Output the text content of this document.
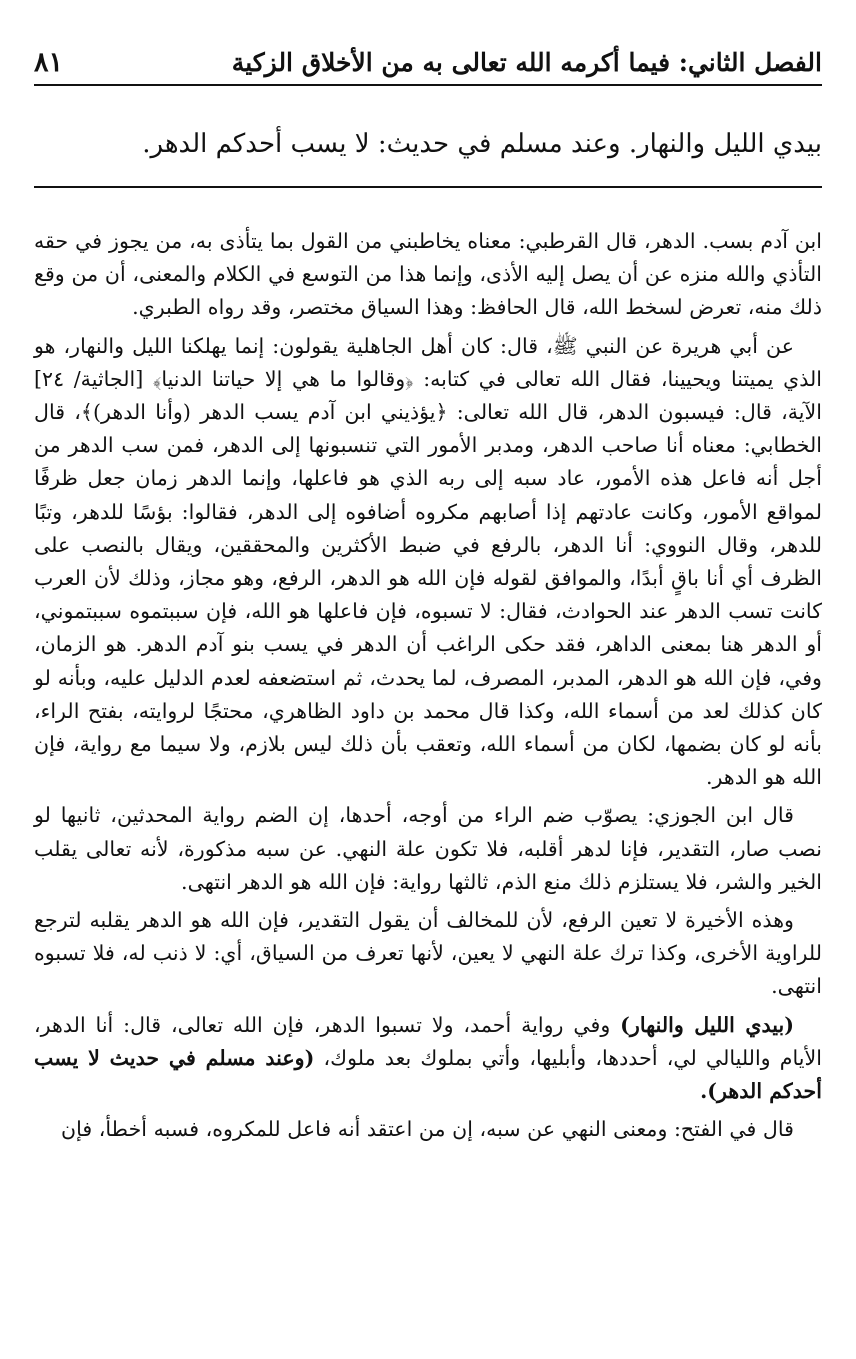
الفصل الثاني: فيما أكرمه الله تعالى به من الأخلاق الزكية
٨١
بيدي الليل والنهار. وعند مسلم في حديث: لا يسب أحدكم الدهر.

ابن آدم بسب. الدهر، قال القرطبي: معناه يخاطبني من القول بما يتأذى به، من يجوز في حقه التأذي والله منزه عن أن يصل إليه الأذى، وإنما هذا من التوسع في الكلام والمعنى، أن من وقع ذلك منه، تعرض لسخط الله، قال الحافظ: وهذا السياق مختصر، وقد رواه الطبري.

عن أبي هريرة عن النبي ﷺ، قال: كان أهل الجاهلية يقولون: إنما يهلكنا الليل والنهار، هو الذي يميتنا ويحيينا، فقال الله تعالى في كتابه: ﴿وقالوا ما هي إلا حياتنا الدنيا﴾ [الجاثية/ ٢٤] الآية، قال: فيسبون الدهر، قال الله تعالى: ﴿يؤذيني ابن آدم يسب الدهر (وأنا الدهر)﴾، قال الخطابي: معناه أنا صاحب الدهر، ومدبر الأمور التي تنسبونها إلى الدهر، فمن سب الدهر من أجل أنه فاعل هذه الأمور، عاد سبه إلى ربه الذي هو فاعلها، وإنما الدهر زمان جعل ظرفًا لمواقع الأمور، وكانت عادتهم إذا أصابهم مكروه أضافوه إلى الدهر، فقالوا: بؤسًا للدهر، وتبًا للدهر، وقال النووي: أنا الدهر، بالرفع في ضبط الأكثرين والمحققين، ويقال بالنصب على الظرف أي أنا باقٍ أبدًا، والموافق لقوله فإن الله هو الدهر، الرفع، وهو مجاز، وذلك لأن العرب كانت تسب الدهر عند الحوادث، فقال: لا تسبوه، فإن فاعلها هو الله، فإن سببتموه سببتموني، أو الدهر هنا بمعنى الداهر، فقد حكى الراغب أن الدهر في يسب بنو آدم الدهر. هو الزمان، وفي، فإن الله هو الدهر، المدبر، المصرف، لما يحدث، ثم استضعفه لعدم الدليل عليه، وبأنه لو كان كذلك لعد من أسماء الله، وكذا قال محمد بن داود الظاهري، محتجًا لروايته، بفتح الراء، بأنه لو كان بضمها، لكان من أسماء الله، وتعقب بأن ذلك ليس بلازم، ولا سيما مع رواية، فإن الله هو الدهر.

قال ابن الجوزي: يصوّب ضم الراء من أوجه، أحدها، إن الضم رواية المحدثين، ثانيها لو نصب صار، التقدير، فإنا لدهر أقلبه، فلا تكون علة النهي. عن سبه مذكورة، لأنه تعالى يقلب الخير والشر، فلا يستلزم ذلك منع الذم، ثالثها رواية: فإن الله هو الدهر انتهى.

وهذه الأخيرة لا تعين الرفع، لأن للمخالف أن يقول التقدير، فإن الله هو الدهر يقلبه لترجع للراوية الأخرى، وكذا ترك علة النهي لا يعين، لأنها تعرف من السياق، أي: لا ذنب له، فلا تسبوه انتهى.

(بيدي الليل والنهار) وفي رواية أحمد، ولا تسبوا الدهر، فإن الله تعالى، قال: أنا الدهر، الأيام والليالي لي، أحددها، وأبليها، وأتي بملوك بعد ملوك، (وعند مسلم في حديث لا يسب أحدكم الدهر).

قال في الفتح: ومعنى النهي عن سبه، إن من اعتقد أنه فاعل للمكروه، فسبه أخطأ، فإن
